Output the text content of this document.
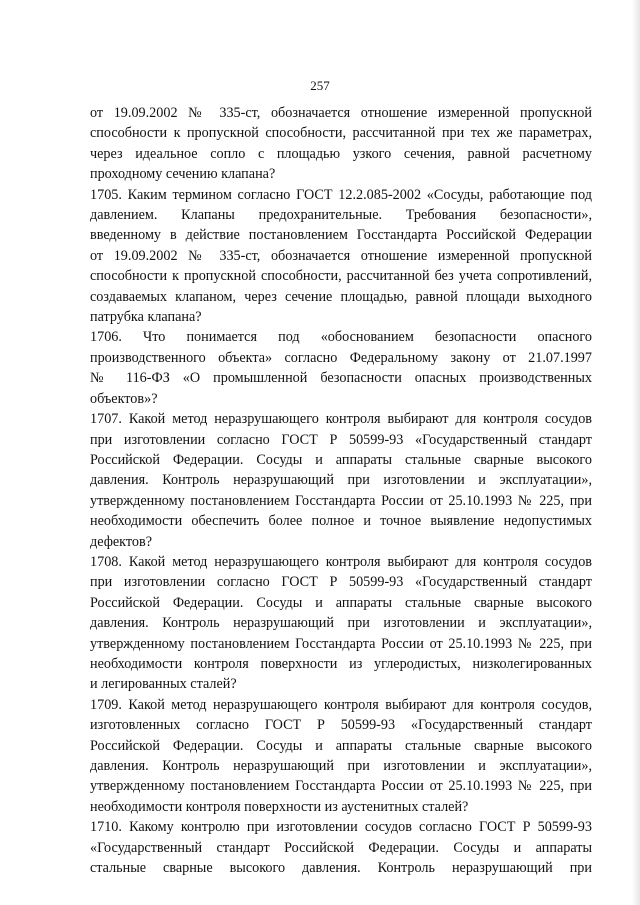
257
от 19.09.2002 № 335-ст, обозначается отношение измеренной пропускной
способности к пропускной способности, рассчитанной при тех же параметрах,
через идеальное сопло с площадью узкого сечения, равной расчетному
проходному сечению клапана?
1705. Каким термином согласно ГОСТ 12.2.085-2002 «Сосуды, работающие под
давлением. Клапаны предохранительные. Требования безопасности»,
введенному в действие постановлением Госстандарта Российской Федерации
от 19.09.2002 № 335-ст, обозначается отношение измеренной пропускной
способности к пропускной способности, рассчитанной без учета сопротивлений,
создаваемых клапаном, через сечение площадью, равной площади выходного
патрубка клапана?
1706. Что понимается под «обоснованием безопасности опасного
производственного объекта» согласно Федеральному закону от 21.07.1997
№ 116-ФЗ «О промышленной безопасности опасных производственных
объектов»?
1707. Какой метод неразрушающего контроля выбирают для контроля сосудов
при изготовлении согласно ГОСТ Р 50599-93 «Государственный стандарт
Российской Федерации. Сосуды и аппараты стальные сварные высокого
давления. Контроль неразрушающий при изготовлении и эксплуатации»,
утвержденному постановлением Госстандарта России от 25.10.1993 № 225, при
необходимости обеспечить более полное и точное выявление недопустимых
дефектов?
1708. Какой метод неразрушающего контроля выбирают для контроля сосудов
при изготовлении согласно ГОСТ Р 50599-93 «Государственный стандарт
Российской Федерации. Сосуды и аппараты стальные сварные высокого
давления. Контроль неразрушающий при изготовлении и эксплуатации»,
утвержденному постановлением Госстандарта России от 25.10.1993 № 225, при
необходимости контроля поверхности из углеродистых, низколегированных
и легированных сталей?
1709. Какой метод неразрушающего контроля выбирают для контроля сосудов,
изготовленных согласно ГОСТ Р 50599-93 «Государственный стандарт
Российской Федерации. Сосуды и аппараты стальные сварные высокого
давления. Контроль неразрушающий при изготовлении и эксплуатации»,
утвержденному постановлением Госстандарта России от 25.10.1993 № 225, при
необходимости контроля поверхности из аустенитных сталей?
1710. Какому контролю при изготовлении сосудов согласно ГОСТ Р 50599-93
«Государственный стандарт Российской Федерации. Сосуды и аппараты
стальные сварные высокого давления. Контроль неразрушающий при
